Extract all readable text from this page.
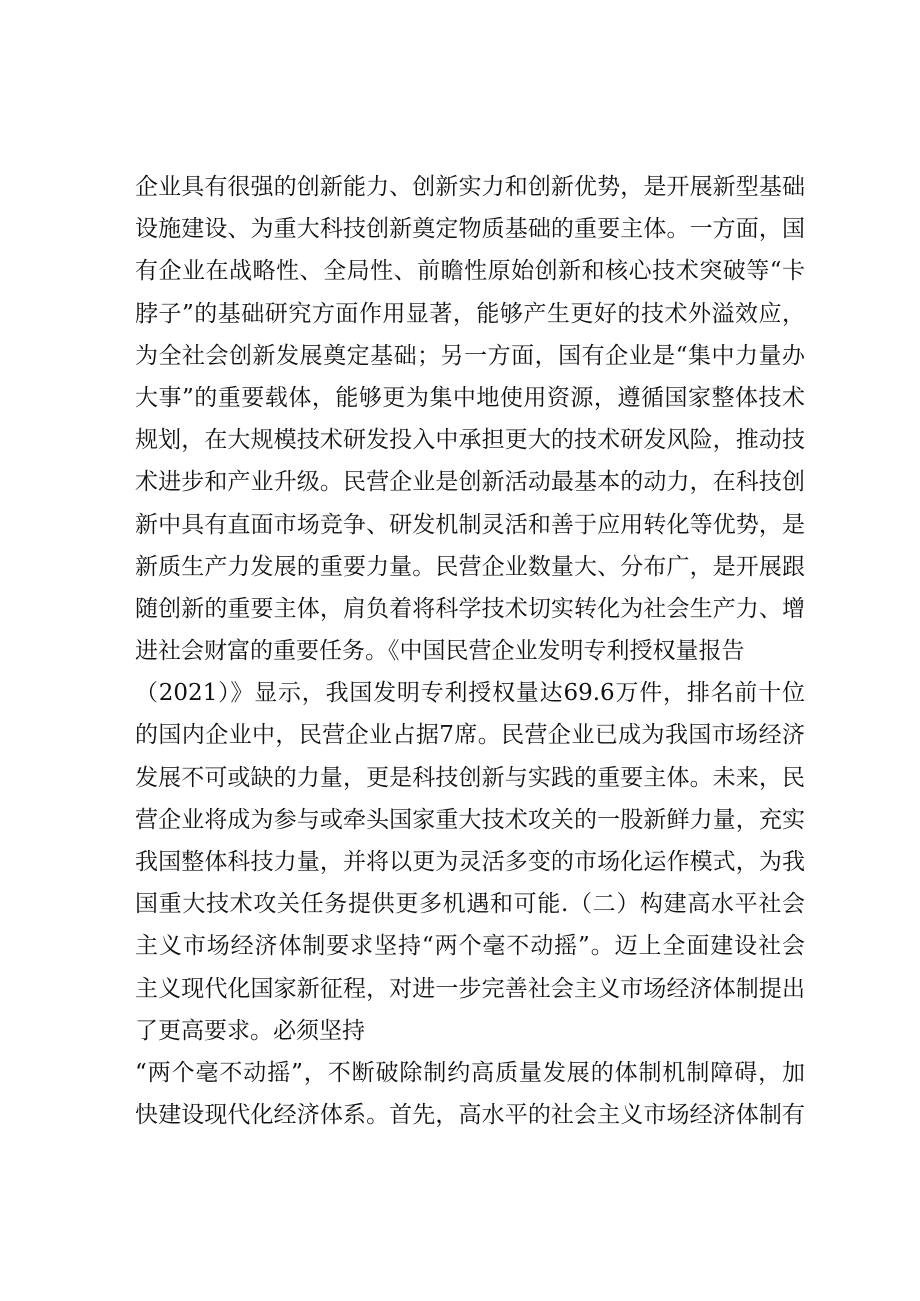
企业具有很强的创新能力、创新实力和创新优势，是开展新型基础
设施建设、为重大科技创新奠定物质基础的重要主体。一方面，国
有企业在战略性、全局性、前瞻性原始创新和核心技术突破等“卡
脖子”的基础研究方面作用显著，能够产生更好的技术外溢效应，
为全社会创新发展奠定基础；另一方面，国有企业是“集中力量办
大事”的重要载体，能够更为集中地使用资源，遵循国家整体技术
规划，在大规模技术研发投入中承担更大的技术研发风险，推动技
术进步和产业升级。民营企业是创新活动最基本的动力，在科技创
新中具有直面市场竞争、研发机制灵活和善于应用转化等优势，是
新质生产力发展的重要力量。民营企业数量大、分布广，是开展跟
随创新的重要主体，肩负着将科学技术切实转化为社会生产力、增
进社会财富的重要任务。《中国民营企业发明专利授权量报告
（2021）》显示，我国发明专利授权量达69.6万件，排名前十位
的国内企业中，民营企业占据7席。民营企业已成为我国市场经济
发展不可或缺的力量，更是科技创新与实践的重要主体。未来，民
营企业将成为参与或牵头国家重大技术攻关的一股新鲜力量，充实
我国整体科技力量，并将以更为灵活多变的市场化运作模式，为我
国重大技术攻关任务提供更多机遇和可能.（二）构建高水平社会
主义市场经济体制要求坚持“两个毫不动摇”。迈上全面建设社会
主义现代化国家新征程，对进一步完善社会主义市场经济体制提出
了更高要求。必须坚持
“两个毫不动摇”，不断破除制约高质量发展的体制机制障碍，加
快建设现代化经济体系。首先，高水平的社会主义市场经济体制有
